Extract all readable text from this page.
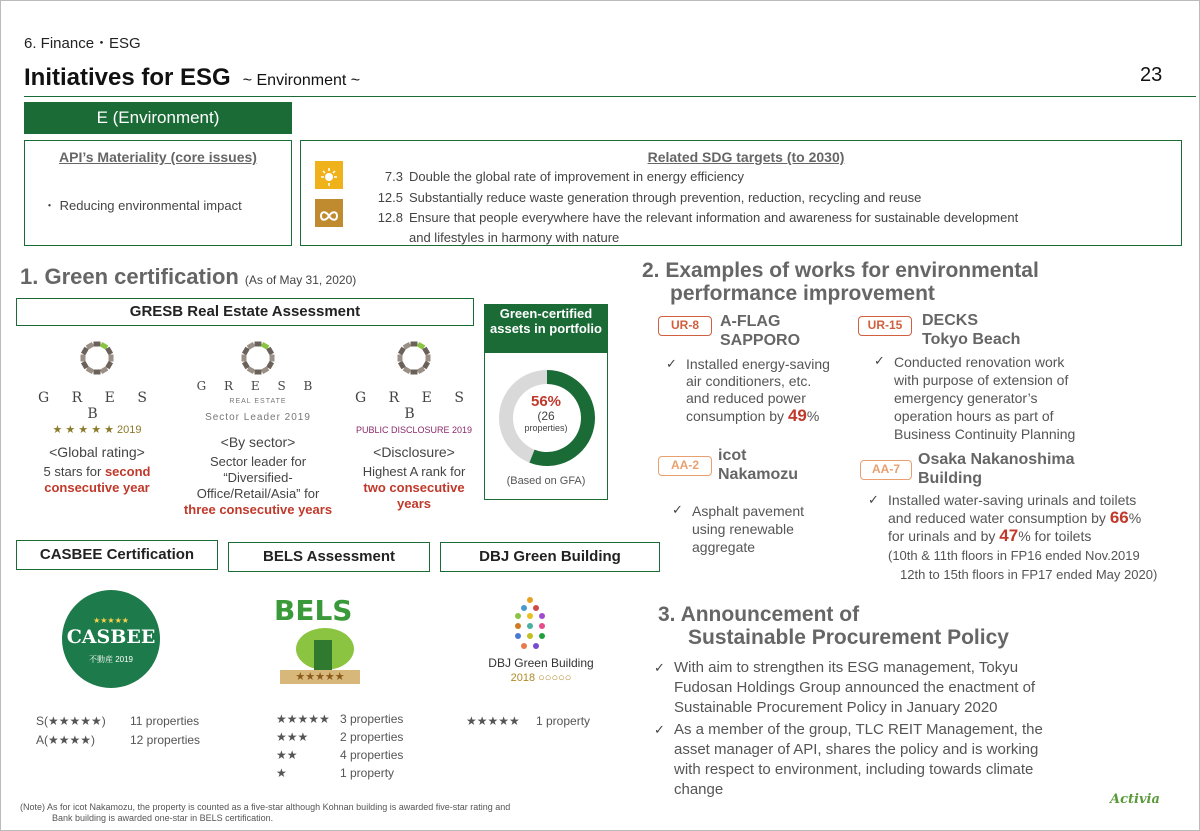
6. Finance・ESG
Initiatives for ESG ~ Environment ~	23
E (Environment)
API’s Materiality (core issues)
・ Reducing environmental impact
Related SDG targets (to 2030)
7.3 Double the global rate of improvement in energy efficiency
12.5 Substantially reduce waste generation through prevention, reduction, recycling and reuse
12.8 Ensure that people everywhere have the relevant information and awareness for sustainable development
and lifestyles in harmony with nature
1. Green certification (As of May 31, 2020)
GRESB Real Estate Assessment
G R E S B
★ ★ ★ ★ ★ 2019
<Global rating>
5 stars for second
consecutive year
G R E S B
REAL ESTATE
Sector Leader 2019
<By sector>
Sector leader for
“Diversified-
Office/Retail/Asia” for
three consecutive years
G R E S B
PUBLIC DISCLOSURE 2019
<Disclosure>
Highest A rank for
two consecutive
years
Green-certified assets in portfolio
56%
(26
properties)
(Based on GFA)
CASBEE Certification	BELS Assessment	DBJ Green Building
★★★★★
CASBEE
不動産 2019
BELS
★★★★★
DBJ Green Building
2018 ○○○○○
S(★★★★★) 11 properties
A(★★★★)	12 properties
★★★★★ 3 properties
★★★	2 properties
★★	4 properties
★	1 property
★★★★★ 1 property
2. Examples of works for environmental
performance improvement
UR-8	A-FLAG
SAPPORO
✓ Installed energy-saving
air conditioners, etc.
and reduced power
consumption by 49%
UR-15	DECKS
Tokyo Beach
✓ Conducted renovation work
with purpose of extension of
emergency generator’s
operation hours as part of
Business Continuity Planning
AA-2
icot
Nakamozu
✓ Asphalt pavement
using renewable
aggregate
AA-7
Osaka Nakanoshima
Building
✓ Installed water-saving urinals and toilets
and reduced water consumption by 66%
for urinals and by 47% for toilets
(10th & 11th floors in FP16 ended Nov.2019
12th to 15th floors in FP17 ended May 2020)
3. Announcement of
Sustainable Procurement Policy
✓ With aim to strengthen its ESG management, Tokyu
Fudosan Holdings Group announced the enactment of
Sustainable Procurement Policy in January 2020
✓ As a member of the group, TLC REIT Management, the
asset manager of API, shares the policy and is working
with respect to environment, including towards climate
change
(Note) As for icot Nakamozu, the property is counted as a five-star although Kohnan building is awarded five-star rating and
Bank building is awarded one-star in BELS certification.
Activia
